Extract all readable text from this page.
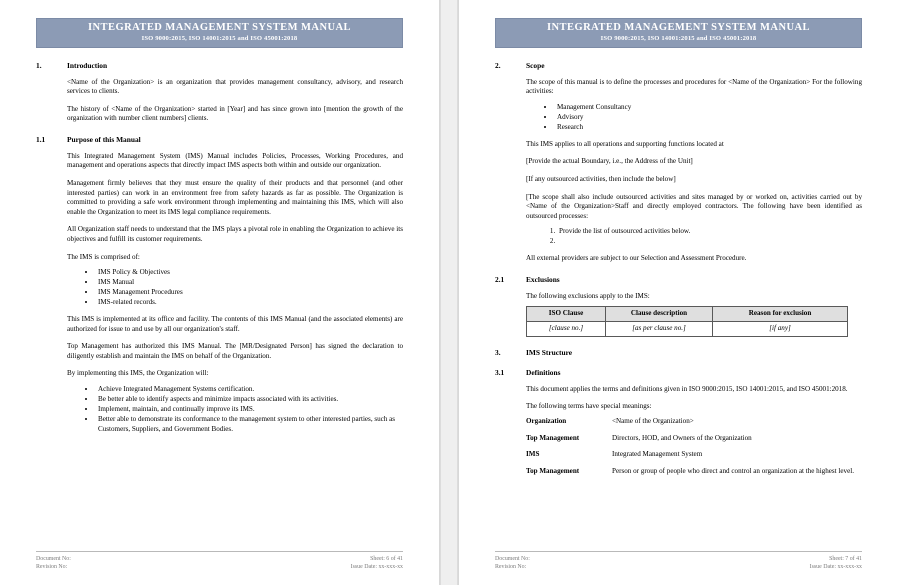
INTEGRATED MANAGEMENT SYSTEM MANUAL
ISO 9000:2015, ISO 14001:2015 and ISO 45001:2018
1.	Introduction

<Name of the Organization> is an organization that provides management consultancy, advisory, and research services to clients.

The history of <Name of the Organization> started in [Year] and has since grown into [mention the growth of the organization with number client numbers] clients.

1.1	Purpose of this Manual

This Integrated Management System (IMS) Manual includes Policies, Processes, Working Procedures, and management and operations aspects that directly impact IMS aspects both within and outside our organization.

Management firmly believes that they must ensure the quality of their products and that personnel (and other interested parties) can work in an environment free from safety hazards as far as possible. The Organization is committed to providing a safe work environment through implementing and maintaining this IMS, which will also enable the Organization to meet its IMS legal compliance requirements.

All Organization staff needs to understand that the IMS plays a pivotal role in enabling the Organization to achieve its objectives and fulfill its customer requirements.

The IMS is comprised of:

• IMS Policy & Objectives
• IMS Manual
• IMS Management Procedures
• IMS-related records.

This IMS is implemented at its office and facility. The contents of this IMS Manual (and the associated elements) are authorized for issue to and use by all our organization's staff.

Top Management has authorized this IMS Manual. The [MR/Designated Person] has signed the declaration to diligently establish and maintain the IMS on behalf of the Organization.

By implementing this IMS, the Organization will:

• Achieve Integrated Management Systems certification.
• Be better able to identify aspects and minimize impacts associated with its activities.
• Implement, maintain, and continually improve its IMS.
• Better able to demonstrate its conformance to the management system to other interested parties, such as Customers, Suppliers, and Government Bodies.
Document No:	Sheet: 6 of 41
Revision No:	Issue Date: xx-xxx-xx
INTEGRATED MANAGEMENT SYSTEM MANUAL
ISO 9000:2015, ISO 14001:2015 and ISO 45001:2018
2.	Scope

The scope of this manual is to define the processes and procedures for <Name of the Organization> For the following activities:

• Management Consultancy
• Advisory
• Research

This IMS applies to all operations and supporting functions located at

[Provide the actual Boundary, i.e., the Address of the Unit]

[If any outsourced activities, then include the below]

[The scope shall also include outsourced activities and sites managed by or worked on, activities carried out by <Name of the Organization>Staff and directly employed contractors. The following have been identified as outsourced processes:

1. Provide the list of outsourced activities below.
2.

All external providers are subject to our Selection and Assessment Procedure.

2.1	Exclusions

The following exclusions apply to the IMS:

ISO Clause	Clause description	Reason for exclusion
[clause no.]	[as per clause no.]	[if any]
3.	IMS Structure
3.1	Definitions

This document applies the terms and definitions given in ISO 9000:2015, ISO 14001:2015, and ISO 45001:2018.

The following terms have special meanings:

Organization	<Name of the Organization>
Top Management	Directors, HOD, and Owners of the Organization
IMS	Integrated Management System
Top Management	Person or group of people who direct and control an organization at the highest level.
Document No:	Sheet: 7 of 41
Revision No:	Issue Date: xx-xxx-xx
